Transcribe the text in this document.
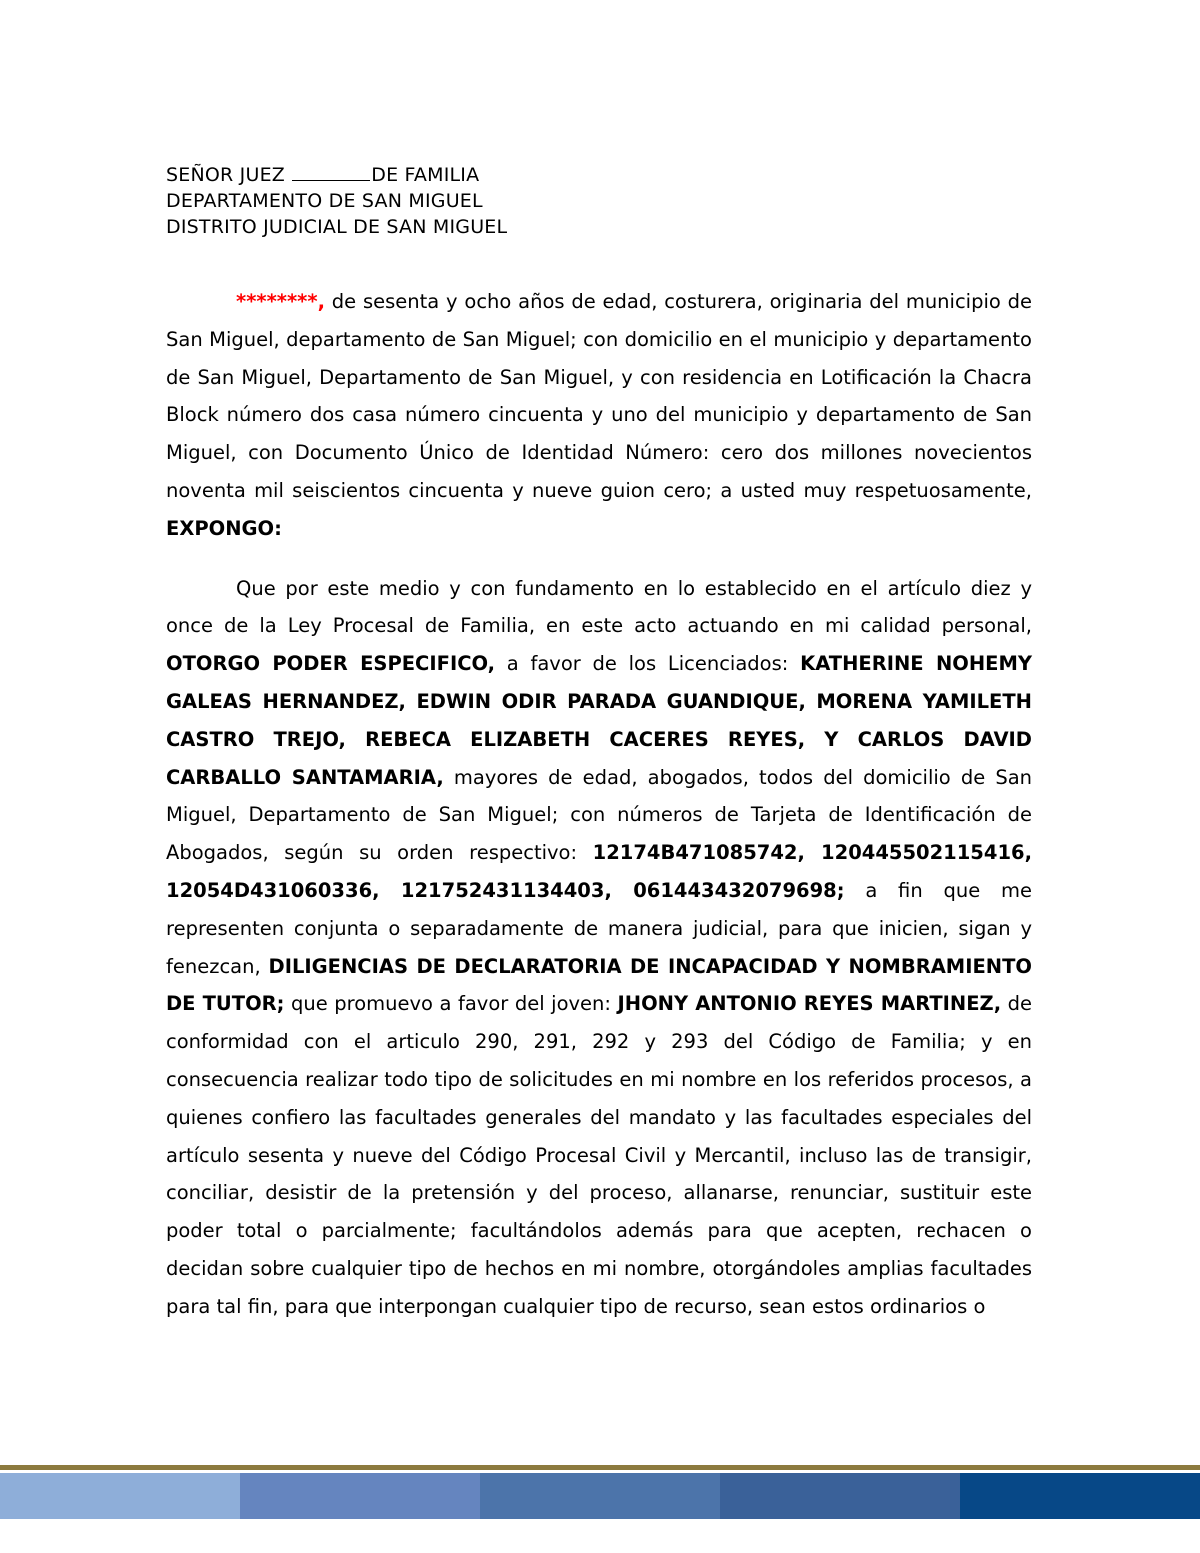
SEÑOR JUEZ	DE FAMILIA
DEPARTAMENTO DE SAN MIGUEL
DISTRITO JUDICIAL DE SAN MIGUEL

********, de sesenta y ocho años de edad, costurera, originaria del municipio de San Miguel, departamento de San Miguel; con domicilio en el municipio y departamento de San Miguel, Departamento de San Miguel, y con residencia en Lotificación la Chacra Block número dos casa número cincuenta y uno del municipio y departamento de San Miguel, con Documento Único de Identidad Número: cero dos millones novecientos noventa mil seiscientos cincuenta y nueve guion cero; a usted muy respetuosamente, EXPONGO:

Que por este medio y con fundamento en lo establecido en el artículo diez y once de la Ley Procesal de Familia, en este acto actuando en mi calidad personal, OTORGO PODER ESPECIFICO, a favor de los Licenciados: KATHERINE NOHEMY GALEAS HERNANDEZ, EDWIN ODIR PARADA GUANDIQUE, MORENA YAMILETH CASTRO TREJO, REBECA ELIZABETH CACERES REYES, Y CARLOS DAVID CARBALLO SANTAMARIA, mayores de edad, abogados, todos del domicilio de San Miguel, Departamento de San Miguel; con números de Tarjeta de Identificación de Abogados, según su orden respectivo: 12174B471085742, 120445502115416, 12054D431060336, 121752431134403, 061443432079698; a fin que me representen conjunta o separadamente de manera judicial, para que inicien, sigan y fenezcan, DILIGENCIAS DE DECLARATORIA DE INCAPACIDAD Y NOMBRAMIENTO DE TUTOR; que promuevo a favor del joven: JHONY ANTONIO REYES MARTINEZ, de conformidad con el articulo 290, 291, 292 y 293 del Código de Familia; y en consecuencia realizar todo tipo de solicitudes en mi nombre en los referidos procesos, a quienes confiero las facultades generales del mandato y las facultades especiales del artículo sesenta y nueve del Código Procesal Civil y Mercantil, incluso las de transigir, conciliar, desistir de la pretensión y del proceso, allanarse, renunciar, sustituir este poder total o parcialmente; facultándolos además para que acepten, rechacen o decidan sobre cualquier tipo de hechos en mi nombre, otorgándoles amplias facultades para tal fin, para que interpongan cualquier tipo de recurso, sean estos ordinarios o
